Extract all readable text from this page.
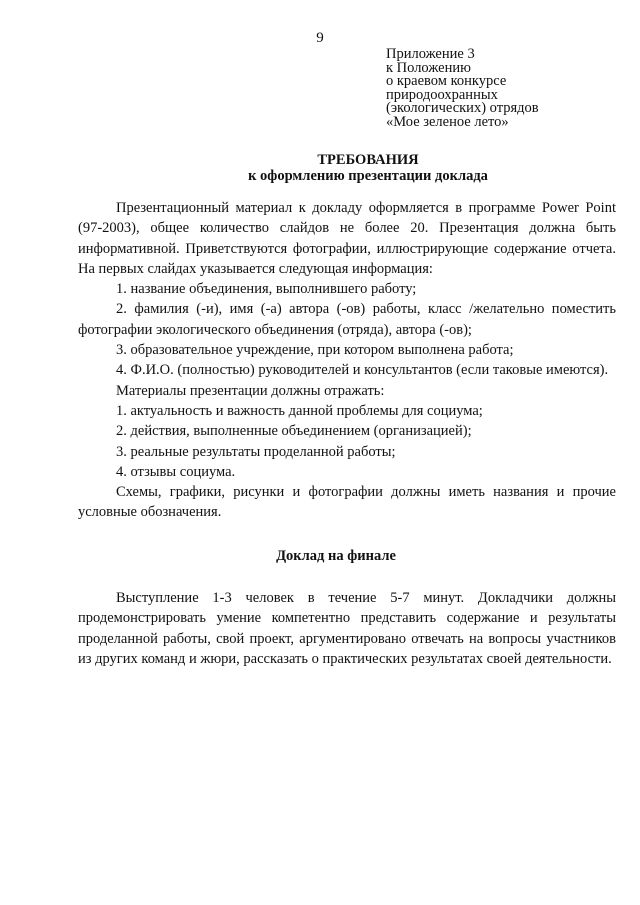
9
Приложение 3
к Положению
о краевом конкурсе
природоохранных
(экологических) отрядов
«Мое зеленое лето»
ТРЕБОВАНИЯ
к оформлению презентации доклада

Презентационный материал к докладу оформляется в программе Power Point (97-2003), общее количество слайдов не более 20. Презентация должна быть информативной. Приветствуются фотографии, иллюстрирующие содержание отчета. На первых слайдах указывается следующая информация:

1. название объединения, выполнившего работу;

2. фамилия (-и), имя (-а) автора (-ов) работы, класс /желательно поместить фотографии экологического объединения (отряда), автора (-ов);

3. образовательное учреждение, при котором выполнена работа;

4. Ф.И.О. (полностью) руководителей и консультантов (если таковые имеются).

Материалы презентации должны отражать:

1. актуальность и важность данной проблемы для социума;

2. действия, выполненные объединением (организацией);

3. реальные результаты проделанной работы;

4. отзывы социума.

Схемы, графики, рисунки и фотографии должны иметь названия и прочие условные обозначения.

Доклад на финале

Выступление 1-3 человек в течение 5-7 минут. Докладчики должны продемонстрировать умение компетентно представить содержание и результаты проделанной работы, свой проект, аргументировано отвечать на вопросы участников из других команд и жюри, рассказать о практических результатах своей деятельности.
